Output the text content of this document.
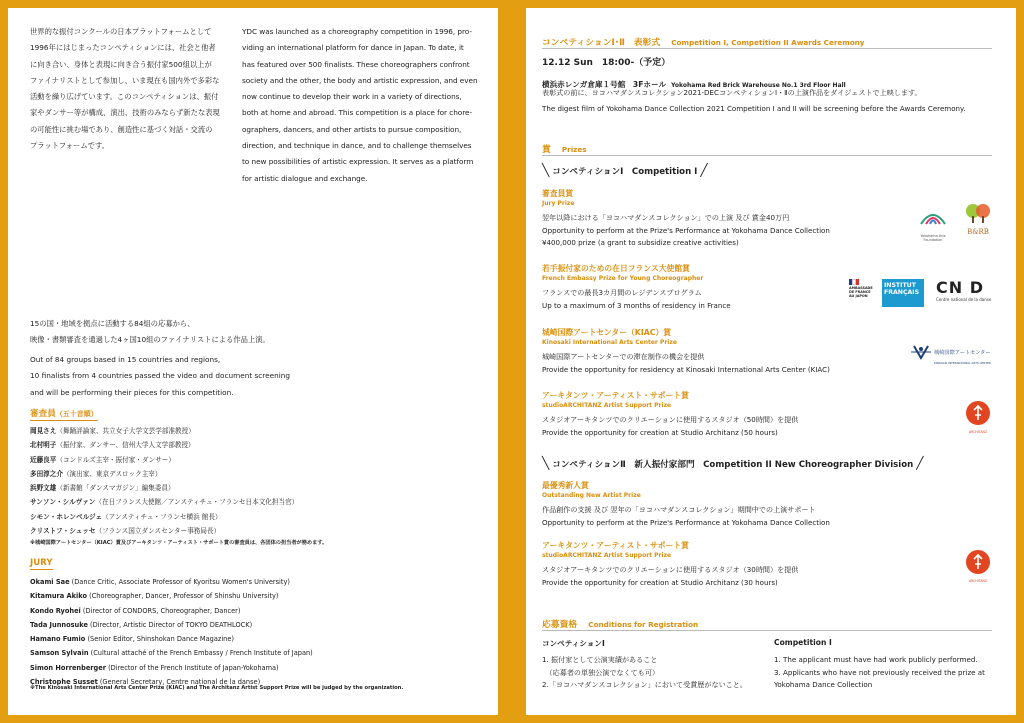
世界的な振付コンクールの日本プラットフォームとして
1996年にはじまったコンペティションには、社会と他者
に向き合い、身体と表現に向き合う振付家500組以上が
ファイナリストとして参加し、いま現在も国内外で多彩な
活動を繰り広げています。このコンペティションは、振付
家やダンサー等が構成、演出、技術のみならず新たな表現
の可能性に挑む場であり、創造性に基づく対話・交流の
プラットフォームです。
YDC was launched as a choreography competition in 1996, pro-
viding an international platform for dance in Japan. To date, it
has featured over 500 finalists. These choreographers confront
society and the other, the body and artistic expression, and even
now continue to develop their work in a variety of directions,
both at home and abroad. This competition is a place for chore-
ographers, dancers, and other artists to pursue composition,
direction, and technique in dance, and to challenge themselves
to new possibilities of artistic expression. It serves as a platform
for artistic dialogue and exchange.
15の国・地域を拠点に活動する84組の応募から、
映像・書類審査を通過した4ヶ国10組のファイナリストによる作品上演。
Out of 84 groups based in 15 countries and regions,
10 finalists from 4 countries passed the video and document screening
and will be performing their pieces for this competition.
審査員（五十音順）
岡見さえ（舞踊評論家、共立女子大学文芸学部准教授）
北村明子（振付家、ダンサー、信州大学人文学部教授）
近藤良平（コンドルズ主宰・振付家・ダンサー）
多田淳之介（演出家、東京デスロック主宰）
浜野文雄（新書館「ダンスマガジン」編集委員）
サンソン・シルヴァン（在日フランス大使館／アンスティチュ・フランセ日本文化担当官）
シモン・ホレンベルジェ（アンスティチュ・フランセ横浜 館長）
クリストフ・シュッセ（フランス国立ダンスセンター事務局長）
※城崎国際アートセンター（KIAC）賞及びアーキタンツ・アーティスト・サポート賞の審査員は、各団体の担当者が務めます。
JURY
Okami Sae (Dance Critic, Associate Professor of Kyoritsu Women's University)
Kitamura Akiko (Choreographer, Dancer, Professor of Shinshu University)
Kondo Ryohei (Director of CONDORS, Choreographer, Dancer)
Tada Junnosuke (Director, Artistic Director of TOKYO DEATHLOCK)
Hamano Fumio (Senior Editor, Shinshokan Dance Magazine)
Samson Sylvain (Cultural attaché of the French Embassy / French Institute of Japan)
Simon Horrenberger (Director of the French Institute of Japan-Yokohama)
Christophe Susset (General Secretary, Centre national de la danse)
※The Kinosaki International Arts Center Prize (KIAC) and The Architanz Artist Support Prize will be judged by the organization.
コンペティションⅠ･Ⅱ　表彰式 Competition I, Competition II Awards Ceremony
12.12 Sun　18:00-（予定）
横浜赤レンガ倉庫１号館　3Fホール Yokohama Red Brick Warehouse No.1 3rd Floor Hall
表彰式の前に、ヨコハマダンスコレクション2021-DECコンペティションⅠ・Ⅱの上演作品をダイジェストで上映します。
The digest film of Yokohama Dance Collection 2021 Competition I and II will be screening before the Awards Ceremony.
賞 Prizes
╲ コンペティションⅠ　Competition I ╱
審査員賞
Jury Prize
翌年以降における「ヨコハマダンスコレクション」での上演 及び 賞金40万円
Opportunity to perform at the Prize's Performance at Yokohama Dance Collection
¥400,000 prize (a grant to subsidize creative activities)
若手振付家のための在日フランス大使館賞
French Embassy Prize for Young Choreographer
フランスでの最長3カ月間のレジデンスプログラム
Up to a maximum of 3 months of residency in France
城崎国際アートセンター（KIAC）賞
Kinosaki International Arts Center Prize
城崎国際アートセンターでの滞在制作の機会を提供
Provide the opportunity for residency at Kinosaki International Arts Center (KIAC)
アーキタンツ・アーティスト・サポート賞
studioARCHITANZ Artist Support Prize
スタジオアーキタンツでのクリエーションに使用するスタジオ（50時間）を提供
Provide the opportunity for creation at Studio Architanz (50 hours)
╲ コンペティションⅡ　新人振付家部門　Competition II New Choreographer Division ╱
最優秀新人賞
Outstanding New Artist Prize
作品創作の支援 及び 翌年の「ヨコハマダンスコレクション」期間中での上演サポート
Opportunity to perform at the Prize's Performance at Yokohama Dance Collection
アーキタンツ・アーティスト・サポート賞
studioARCHITANZ Artist Support Prize
スタジオアーキタンツでのクリエーションに使用するスタジオ（30時間）を提供
Provide the opportunity for creation at Studio Architanz (30 hours)
Yokohama Arts Foundation
B&RB
AMBASSADE
DE FRANCE
AU JAPON
INSTITUT
FRANÇAIS CN D
Centre national de la danse
城崎国際アートセンター
KINOSAKI INTERNATIONAL ARTS CENTER
ARCHITANZ
ARCHITANZ
応募資格 Conditions for Registration
コンペティションⅠ
1. 振付家として公演実績があること
　（応募者の単独公演でなくても可）
2.「ヨコハマダンスコレクション」において受賞歴がないこと。
Competition I
1. The applicant must have had work publicly performed.
3. Applicants who have not previously received the prize at
Yokohama Dance Collection
